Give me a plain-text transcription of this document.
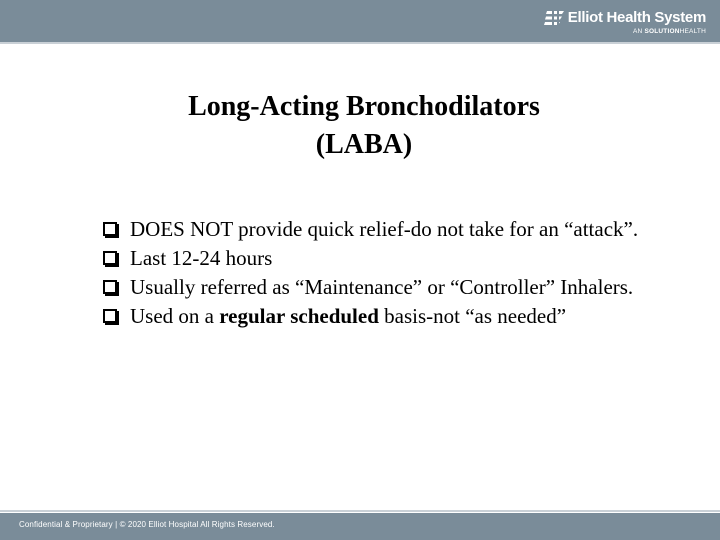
Elliot Health System
AN SOLUTIONHEALTH
Long-Acting Bronchodilators
(LABA)
DOES NOT provide quick relief-do not take for an “attack”.
Last 12-24 hours
Usually referred as “Maintenance” or “Controller” Inhalers.
Used on a regular scheduled basis-not “as needed”
Confidential & Proprietary | © 2020 Elliot Hospital All Rights Reserved.
